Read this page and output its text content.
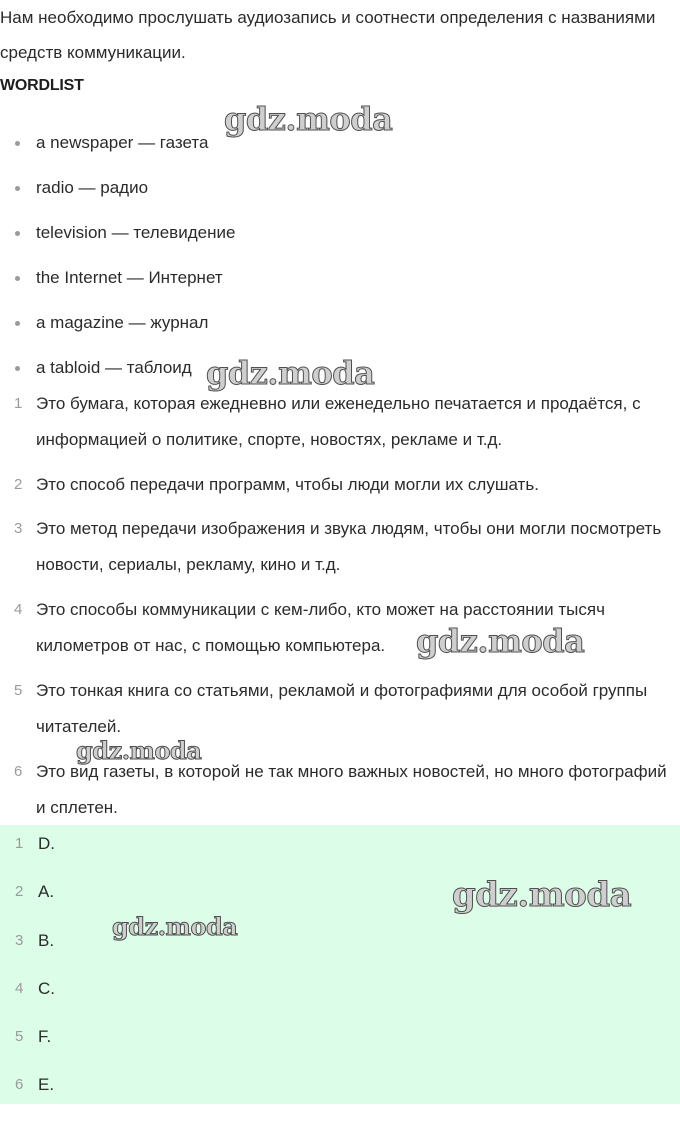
Нам необходимо прослушать аудиозапись и соотнести определения с названиями средств коммуникации.

WORDLIST
a newspaper — газета
radio — радио
television — телевидение
the Internet — Интернет
a magazine — журнал
a tabloid — таблоид
1 Это бумага, которая ежедневно или еженедельно печатается и продаётся, с информацией о политике, спорте, новостях, рекламе и т.д.
2 Это способ передачи программ, чтобы люди могли их слушать.
3 Это метод передачи изображения и звука людям, чтобы они могли посмотреть новости, сериалы, рекламу, кино и т.д.
4 Это способы коммуникации с кем-либо, кто может на расстоянии тысяч километров от нас, с помощью компьютера.
5 Это тонкая книга со статьями, рекламой и фотографиями для особой группы читателей.
6 Это вид газеты, в которой не так много важных новостей, но много фотографий и сплетен.
1 D.
2 A.
3 B.
4 C.
5 F.
6 E.
gdz.moda
gdz.moda
gdz.moda
gdz.moda
gdz.moda
gdz.moda
